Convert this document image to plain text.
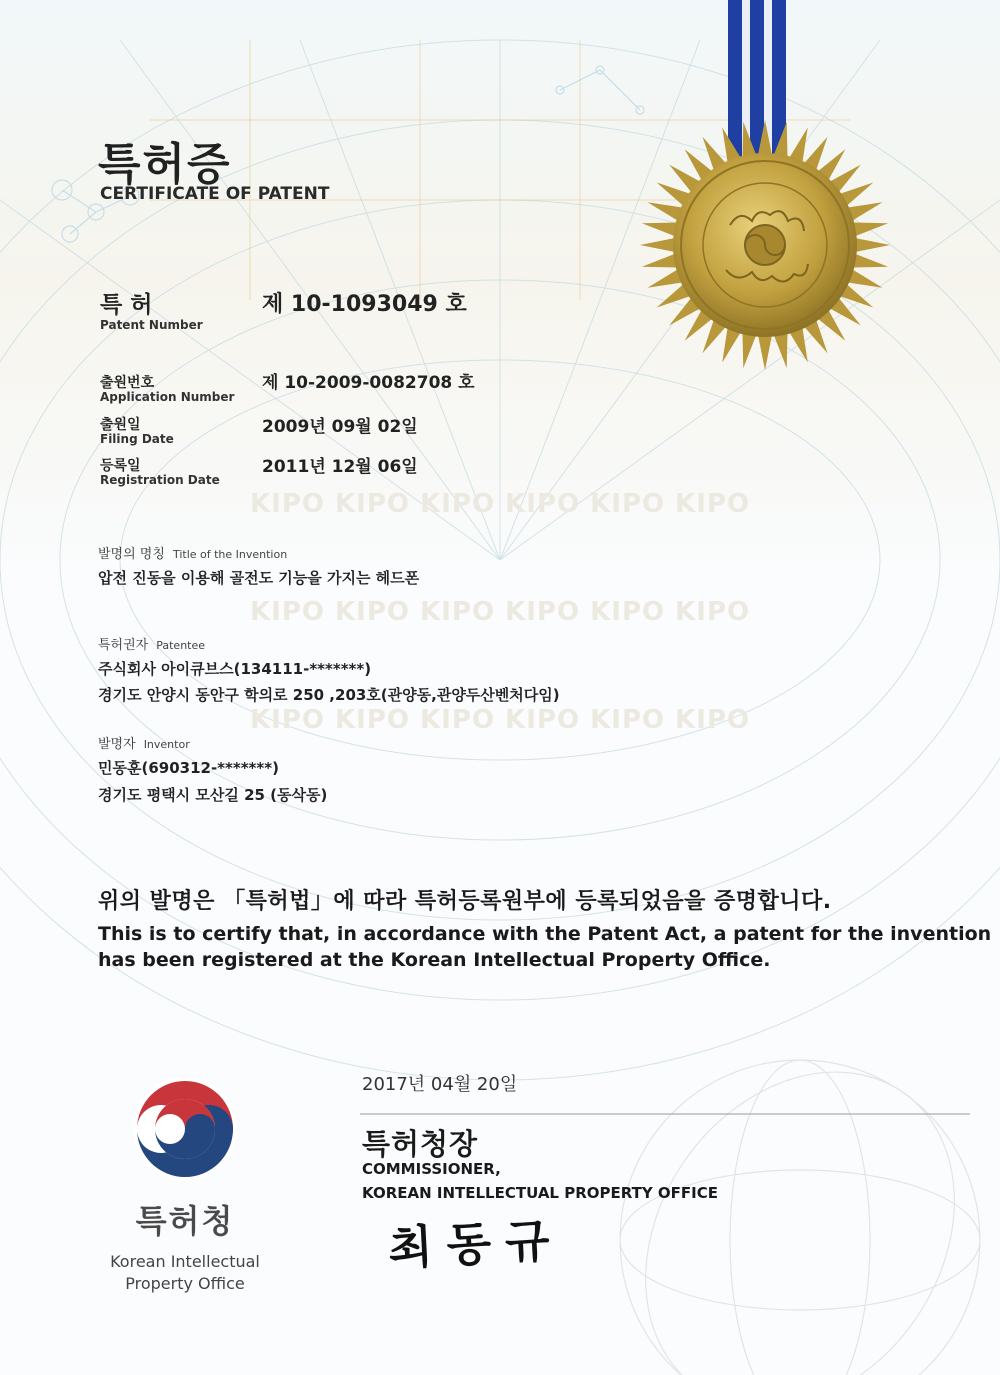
KIPO KIPO KIPO KIPO KIPO KIPO

KIPO KIPO KIPO KIPO KIPO KIPO

KIPO KIPO KIPO KIPO KIPO KIPO

특허증
CERTIFICATE OF PATENT
특 허
Patent Number
제 10-1093049 호
출원번호
Application Number
제 10-2009-0082708 호
출원일
Filing Date
2009년 09월 02일
등록일
Registration Date
2011년 12월 06일
발명의 명칭 Title of the Invention
압전 진동을 이용해 골전도 기능을 가지는 헤드폰
특허권자 Patentee
주식회사 아이큐브스(134111-*******)
경기도 안양시 동안구 학의로 250 ,203호(관양동,관양두산벤처다임)
발명자 Inventor
민동훈(690312-*******)
경기도 평택시 모산길 25 (동삭동)
위의 발명은 「특허법」에 따라 특허등록원부에 등록되었음을 증명합니다.
This is to certify that, in accordance with the Patent Act, a patent for the invention
has been registered at the Korean Intellectual Property Office.
특허청
Korean Intellectual
Property Office
2017년 04월 20일
특허청장
COMMISSIONER,
KOREAN INTELLECTUAL PROPERTY OFFICE
최동규
